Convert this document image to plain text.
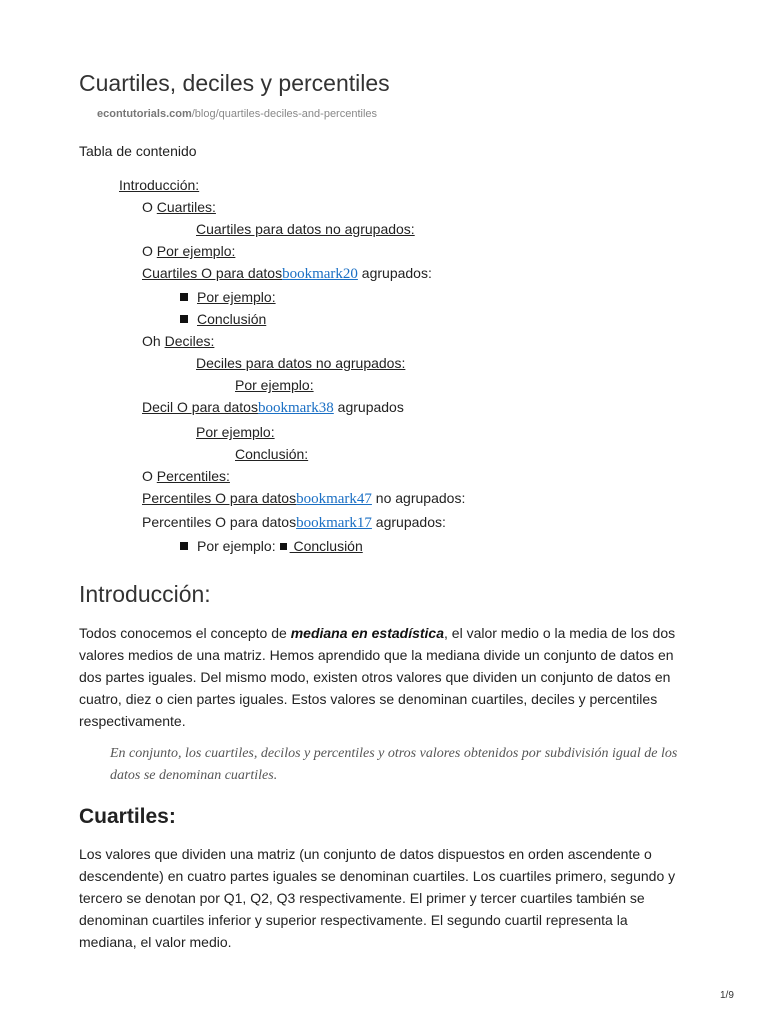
Cuartiles, deciles y percentiles
econtutorials.com/blog/quartiles-deciles-and-percentiles
Tabla de contenido
Introducción:
O Cuartiles:
Cuartiles para datos no agrupados:
O Por ejemplo:
Cuartiles O para datosbookmark20 agrupados:
Por ejemplo:
Conclusión
Oh Deciles:
Deciles para datos no agrupados:
Por ejemplo:
Decil O para datosbookmark38 agrupados
Por ejemplo:
Conclusión:
O Percentiles:
Percentiles O para datosbookmark47 no agrupados:
Percentiles O para datosbookmark17 agrupados:
Por ejemplo: Conclusión
Introducción:
Todos conocemos el concepto de mediana en estadística, el valor medio o la media de los dos valores medios de una matriz. Hemos aprendido que la mediana divide un conjunto de datos en dos partes iguales. Del mismo modo, existen otros valores que dividen un conjunto de datos en cuatro, diez o cien partes iguales. Estos valores se denominan cuartiles, deciles y percentiles respectivamente.
En conjunto, los cuartiles, decilos y percentiles y otros valores obtenidos por subdivisión igual de los datos se denominan cuartiles.
Cuartiles:
Los valores que dividen una matriz (un conjunto de datos dispuestos en orden ascendente o descendente) en cuatro partes iguales se denominan cuartiles. Los cuartiles primero, segundo y tercero se denotan por Q1, Q2, Q3 respectivamente. El primer y tercer cuartiles también se denominan cuartiles inferior y superior respectivamente. El segundo cuartil representa la mediana, el valor medio.
1/9
